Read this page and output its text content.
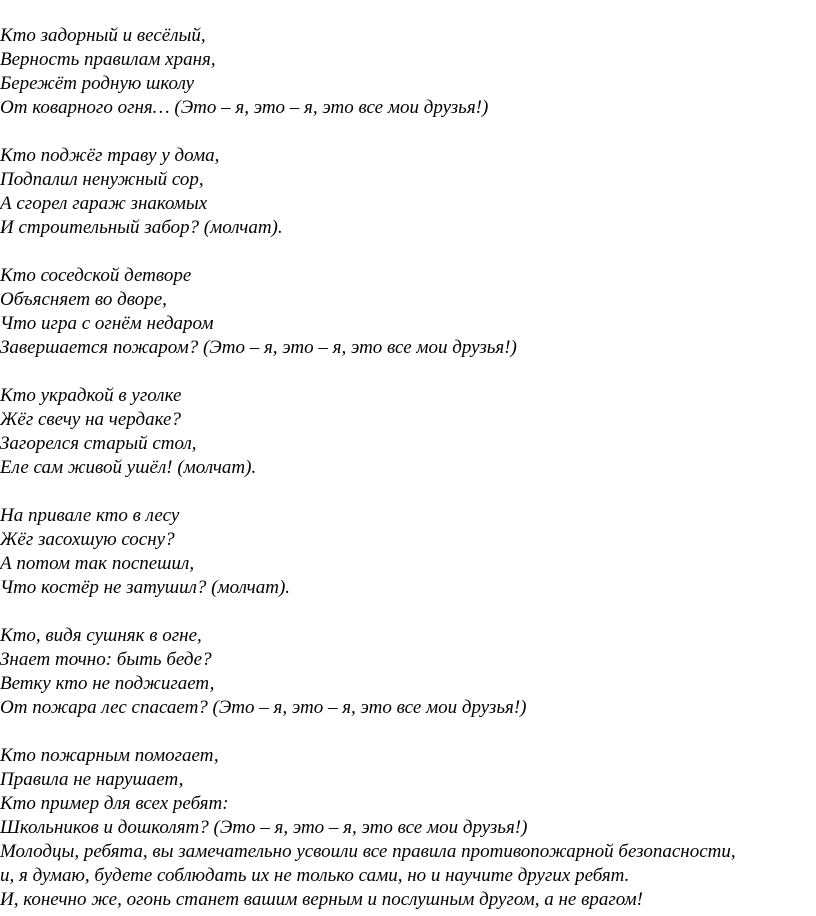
Кто задорный и весёлый,
Верность правилам храня,
Бережёт родную школу
От коварного огня… (Это – я, это – я, это все мои друзья!)
Кто поджёг траву у дома,
Подпалил ненужный сор,
А сгорел гараж знакомых
И строительный забор? (молчат).
Кто соседской детворе
Объясняет во дворе,
Что игра с огнём недаром
Завершается пожаром? (Это – я, это – я, это все мои друзья!)
Кто украдкой в уголке
Жёг свечу на чердаке?
Загорелся старый стол,
Еле сам живой ушёл! (молчат).
На привале кто в лесу
Жёг засохшую сосну?
А потом так поспешил,
Что костёр не затушил? (молчат).
Кто, видя сушняк в огне,
Знает точно: быть беде?
Ветку кто не поджигает,
От пожара лес спасает? (Это – я, это – я, это все мои друзья!)
Кто пожарным помогает,
Правила не нарушает,
Кто пример для всех ребят:
Школьников и дошколят? (Это – я, это – я, это все мои друзья!)
Молодцы, ребята, вы замечательно усвоили все правила противопожарной безопасности,
и, я думаю, будете соблюдать их не только сами, но и научите других ребят.
И, конечно же, огонь станет вашим верным и послушным другом, а не врагом!
